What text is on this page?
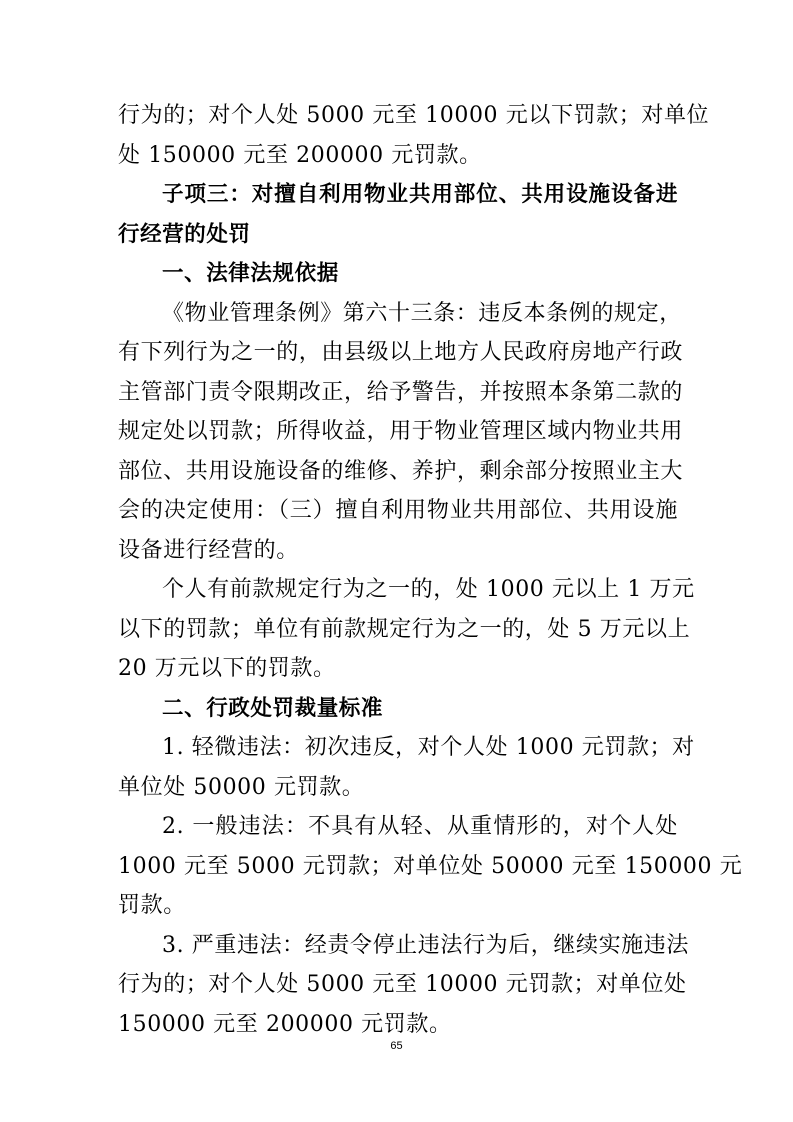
行为的；对个人处 5000 元至 10000 元以下罚款；对单位
处 150000 元至 200000 元罚款。
子项三：对擅自利用物业共用部位、共用设施设备进
行经营的处罚
一、法律法规依据
《物业管理条例》第六十三条：违反本条例的规定，
有下列行为之一的，由县级以上地方人民政府房地产行政
主管部门责令限期改正，给予警告，并按照本条第二款的
规定处以罚款；所得收益，用于物业管理区域内物业共用
部位、共用设施设备的维修、养护，剩余部分按照业主大
会的决定使用：（三）擅自利用物业共用部位、共用设施
设备进行经营的。
个人有前款规定行为之一的，处 1000 元以上 1 万元
以下的罚款；单位有前款规定行为之一的，处 5 万元以上
20 万元以下的罚款。
二、行政处罚裁量标准
1. 轻微违法：初次违反，对个人处 1000 元罚款；对
单位处 50000 元罚款。
2. 一般违法：不具有从轻、从重情形的，对个人处
1000 元至 5000 元罚款；对单位处 50000 元至 150000 元
罚款。
3. 严重违法：经责令停止违法行为后，继续实施违法
行为的；对个人处 5000 元至 10000 元罚款；对单位处
150000 元至 200000 元罚款。
65
